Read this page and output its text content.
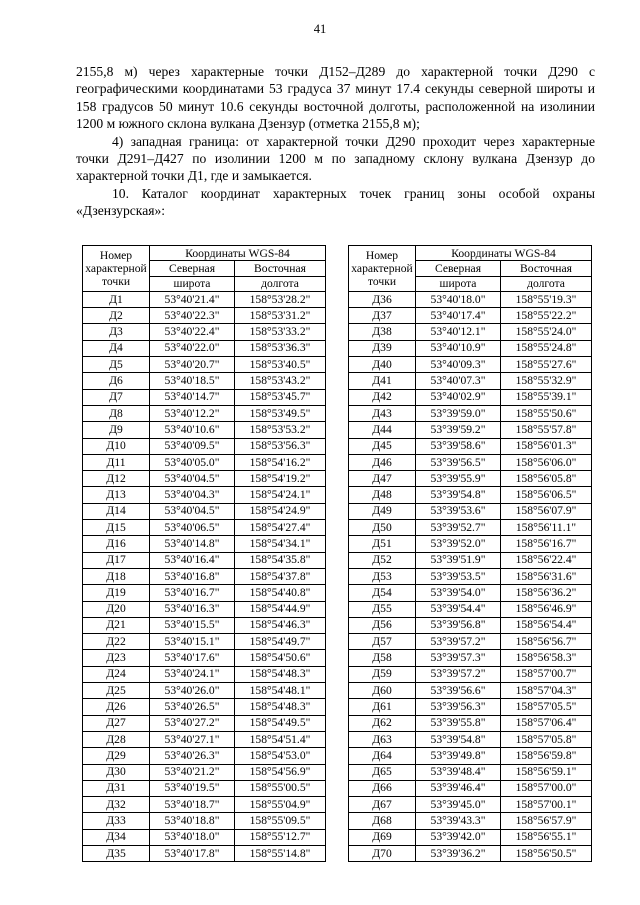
41

2155,8 м) через характерные точки Д152–Д289 до характерной точки Д290 с географическими координатами 53 градуса 37 минут 17.4 секунды северной широты и 158 градусов 50 минут 10.6 секунды восточной долготы, расположенной на изолинии 1200 м южного склона вулкана Дзензур (отметка 2155,8 м);

4) западная граница: от характерной точки Д290 проходит через характерные точки Д291–Д427 по изолинии 1200 м по западному склону вулкана Дзензур до характерной точки Д1, где и замыкается.

10. Каталог координат характерных точек границ зоны особой охраны «Дзензурская»:

Номер
характерной
точки	Координаты WGS-84	
	Северная	Восточная
	широта	долгота
Д1	53°40'21.4"	158°53'28.2"
Д2	53°40'22.3"	158°53'31.2"
Д3	53°40'22.4"	158°53'33.2"
Д4	53°40'22.0"	158°53'36.3"
Д5	53°40'20.7"	158°53'40.5"
Д6	53°40'18.5"	158°53'43.2"
Д7	53°40'14.7"	158°53'45.7"
Д8	53°40'12.2"	158°53'49.5"
Д9	53°40'10.6"	158°53'53.2"
Д10	53°40'09.5"	158°53'56.3"
Д11	53°40'05.0"	158°54'16.2"
Д12	53°40'04.5"	158°54'19.2"
Д13	53°40'04.3"	158°54'24.1"
Д14	53°40'04.5"	158°54'24.9"
Д15	53°40'06.5"	158°54'27.4"
Д16	53°40'14.8"	158°54'34.1"
Д17	53°40'16.4"	158°54'35.8"
Д18	53°40'16.8"	158°54'37.8"
Д19	53°40'16.7"	158°54'40.8"
Д20	53°40'16.3"	158°54'44.9"
Д21	53°40'15.5"	158°54'46.3"
Д22	53°40'15.1"	158°54'49.7"
Д23	53°40'17.6"	158°54'50.6"
Д24	53°40'24.1"	158°54'48.3"
Д25	53°40'26.0"	158°54'48.1"
Д26	53°40'26.5"	158°54'48.3"
Д27	53°40'27.2"	158°54'49.5"
Д28	53°40'27.1"	158°54'51.4"
Д29	53°40'26.3"	158°54'53.0"
Д30	53°40'21.2"	158°54'56.9"
Д31	53°40'19.5"	158°55'00.5"
Д32	53°40'18.7"	158°55'04.9"
Д33	53°40'18.8"	158°55'09.5"
Д34	53°40'18.0"	158°55'12.7"
Д35	53°40'17.8"	158°55'14.8"
Номер
характерной
точки	Координаты WGS-84	
	Северная	Восточная
	широта	долгота
Д36	53°40'18.0"	158°55'19.3"
Д37	53°40'17.4"	158°55'22.2"
Д38	53°40'12.1"	158°55'24.0"
Д39	53°40'10.9"	158°55'24.8"
Д40	53°40'09.3"	158°55'27.6"
Д41	53°40'07.3"	158°55'32.9"
Д42	53°40'02.9"	158°55'39.1"
Д43	53°39'59.0"	158°55'50.6"
Д44	53°39'59.2"	158°55'57.8"
Д45	53°39'58.6"	158°56'01.3"
Д46	53°39'56.5"	158°56'06.0"
Д47	53°39'55.9"	158°56'05.8"
Д48	53°39'54.8"	158°56'06.5"
Д49	53°39'53.6"	158°56'07.9"
Д50	53°39'52.7"	158°56'11.1"
Д51	53°39'52.0"	158°56'16.7"
Д52	53°39'51.9"	158°56'22.4"
Д53	53°39'53.5"	158°56'31.6"
Д54	53°39'54.0"	158°56'36.2"
Д55	53°39'54.4"	158°56'46.9"
Д56	53°39'56.8"	158°56'54.4"
Д57	53°39'57.2"	158°56'56.7"
Д58	53°39'57.3"	158°56'58.3"
Д59	53°39'57.2"	158°57'00.7"
Д60	53°39'56.6"	158°57'04.3"
Д61	53°39'56.3"	158°57'05.5"
Д62	53°39'55.8"	158°57'06.4"
Д63	53°39'54.8"	158°57'05.8"
Д64	53°39'49.8"	158°56'59.8"
Д65	53°39'48.4"	158°56'59.1"
Д66	53°39'46.4"	158°57'00.0"
Д67	53°39'45.0"	158°57'00.1"
Д68	53°39'43.3"	158°56'57.9"
Д69	53°39'42.0"	158°56'55.1"
Д70	53°39'36.2"	158°56'50.5"
